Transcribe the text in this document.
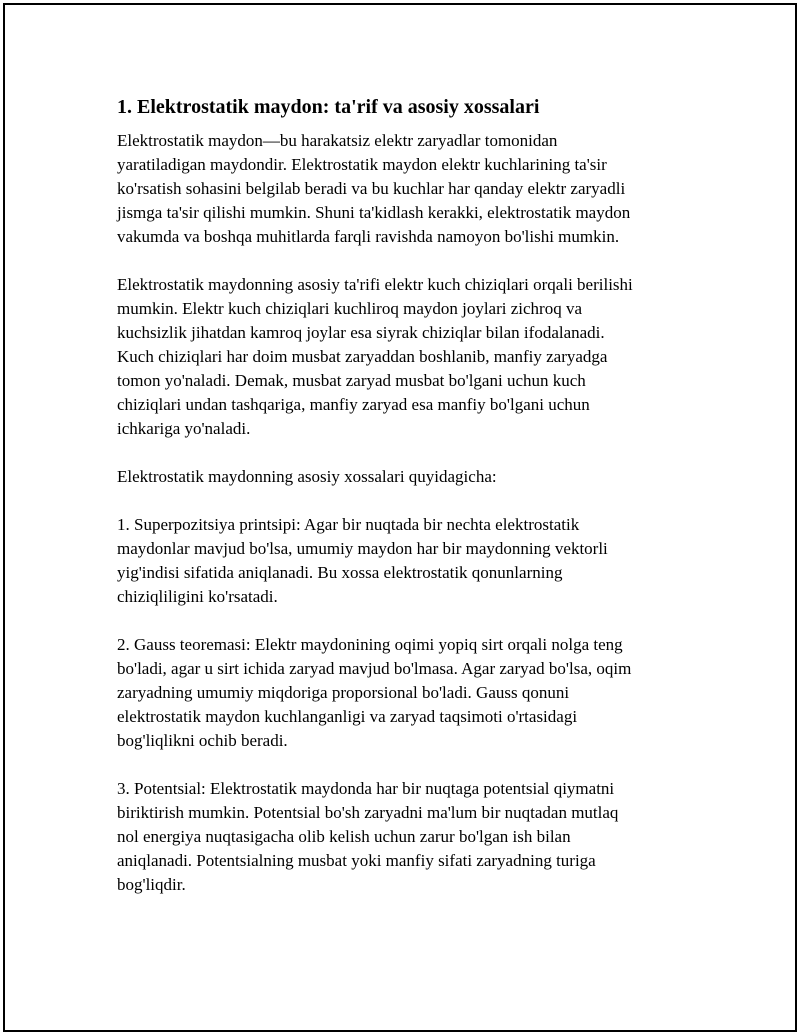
1. Elektrostatik maydon: ta'rif va asosiy xossalari
Elektrostatik maydon—bu harakatsiz elektr zaryadlar tomonidan
yaratiladigan maydondir. Elektrostatik maydon elektr kuchlarining ta'sir
ko'rsatish sohasini belgilab beradi va bu kuchlar har qanday elektr zaryadli
jismga ta'sir qilishi mumkin. Shuni ta'kidlash kerakki, elektrostatik maydon
vakumda va boshqa muhitlarda farqli ravishda namoyon bo'lishi mumkin.
Elektrostatik maydonning asosiy ta'rifi elektr kuch chiziqlari orqali berilishi
mumkin. Elektr kuch chiziqlari kuchliroq maydon joylari zichroq va
kuchsizlik jihatdan kamroq joylar esa siyrak chiziqlar bilan ifodalanadi.
Kuch chiziqlari har doim musbat zaryaddan boshlanib, manfiy zaryadga
tomon yo'naladi. Demak, musbat zaryad musbat bo'lgani uchun kuch
chiziqlari undan tashqariga, manfiy zaryad esa manfiy bo'lgani uchun
ichkariga yo'naladi.
Elektrostatik maydonning asosiy xossalari quyidagicha:
1. Superpozitsiya printsipi: Agar bir nuqtada bir nechta elektrostatik
maydonlar mavjud bo'lsa, umumiy maydon har bir maydonning vektorli
yig'indisi sifatida aniqlanadi. Bu xossa elektrostatik qonunlarning
chiziqliligini ko'rsatadi.
2. Gauss teoremasi: Elektr maydonining oqimi yopiq sirt orqali nolga teng
bo'ladi, agar u sirt ichida zaryad mavjud bo'lmasa. Agar zaryad bo'lsa, oqim
zaryadning umumiy miqdoriga proporsional bo'ladi. Gauss qonuni
elektrostatik maydon kuchlanganligi va zaryad taqsimoti o'rtasidagi
bog'liqlikni ochib beradi.
3. Potentsial: Elektrostatik maydonda har bir nuqtaga potentsial qiymatni
biriktirish mumkin. Potentsial bo'sh zaryadni ma'lum bir nuqtadan mutlaq
nol energiya nuqtasigacha olib kelish uchun zarur bo'lgan ish bilan
aniqlanadi. Potentsialning musbat yoki manfiy sifati zaryadning turiga
bog'liqdir.
